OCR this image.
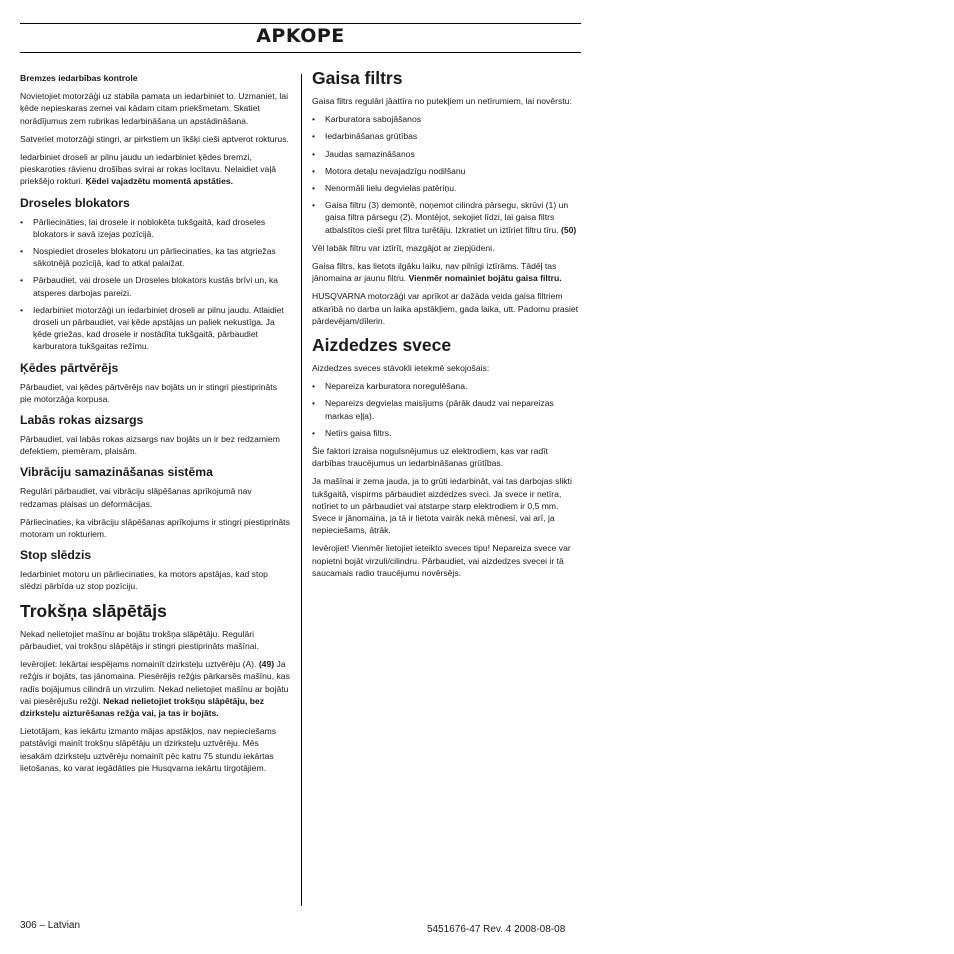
APKOPE
Bremzes iedarbības kontrole

Novietojiet motorzāģi uz stabila pamata un iedarbiniet to. Uzmaniet, lai ķēde nepieskaras zemei vai kādam citam priekšmetam. Skatiet norādījumus zem rubrikas Iedarbināšana un apstādināšana.

Satveriet motorzāģi stingri, ar pirkstiem un īkšķi cieši aptverot rokturus.

Iedarbiniet droseli ar pilnu jaudu un iedarbiniet ķēdes bremzi, pieskaroties rāvienu drošības svirai ar rokas locītavu. Nelaidiet vaļā priekšējo rokturi. Ķēdei vajadzētu momentā apstāties.

Droseles blokators
• Pārliecināties, lai drosele ir noblokēta tukšgaitā, kad droseles blokators ir savā izejas pozīcijā.
• Nospiediet droseles blokatoru un pārliecinaties, ka tas atgriežas sākotnējā pozīcijā, kad to atkal palaižat.
• Pārbaudiet, vai drosele un Droseles blokators kustās brīvi un, ka atsperes darbojas pareizi.
• Iedarbiniet motorzāģi un iedarbiniet droseli ar pilnu jaudu. Atlaidiet droseli un pārbaudiet, vai ķēde apstājas un paliek nekustīga. Ja ķēde griežas, kad drosele ir nostādīta tukšgaitā, pārbaudiet karburatora tukšgaitas režīmu.
Ķēdes pārtvērējs

Pārbaudiet, vai ķēdes pārtvērējs nav bojāts un ir stingri piestiprināts pie motorzāģa korpusa.

Labās rokas aizsargs

Pārbaudiet, vai labās rokas aizsargs nav bojāts un ir bez redzamiem defektiem, piemēram, plaisām.

Vibrāciju samazināšanas sistēma

Regulāri pārbaudiet, vai vibrāciju slāpēšanas aprīkojumā nav redzamas plaisas un deformācijas.

Pārliecinaties, ka vibrāciju slāpēšanas aprīkojums ir stingri piestiprināts motoram un rokturiem.

Stop slēdzis

Iedarbiniet motoru un pārliecinaties, ka motors apstājas, kad stop slēdzi pārbīda uz stop pozīciju.

Trokšņa slāpētājs

Nekad nelietojiet mašīnu ar bojātu trokšņa slāpētāju. Regulāri pārbaudiet, vai trokšņu slāpētājs ir stingri piestiprināts mašīnai.

Ievērojiet: Iekārtai iespējams nomainīt dzirksteļu uztvērēju (A). (49) Ja režģis ir bojāts, tas jānomaina. Piesērējis režģis pārkarsēs mašīnu, kas radīs bojājumus cilindrā un virzulim. Nekad nelietojiet mašīnu ar bojātu vai piesērējušu režģi. Nekad nelietojiet trokšņu slāpētāju, bez dzirksteļu aizturēšanas režģa vai, ja tas ir bojāts.

Lietotājam, kas iekārtu izmanto mājas apstākļos, nav nepieciešams patstāvīgi mainīt trokšņu slāpētāju un dzirksteļu uztvērēju. Mēs iesakām dzirksteļu uztvērēju nomainīt pēc katru 75 stundu iekārtas lietošanas, ko varat iegādāties pie Husqvarna iekārtu tirgotājiem.

Gaisa filtrs

Gaisa filtrs regulāri jāattīra no putekļiem un netīrumiem, lai novērstu:

• Karburatora sabojāšanos
• Iedarbināšanas grūtības
• Jaudas samazināšanos
• Motora detaļu nevajadzīgu nodilšanu
• Nenormāli lielu degvielas patēriņu.
• Gaisa filtru (3) demontē, noņemot cilindra pārsegu, skrūvi (1) un gaisa filtra pārsegu (2). Montējot, sekojiet līdzi, lai gaisa filtrs atbalstītos cieši pret filtra turētāju. Izkratiet un iztīriet filtru tīru. (50)

Vēl labāk filtru var iztīrīt, mazgājot ar ziepjūdeni.

Gaisa filtrs, kas lietots ilgāku laiku, nav pilnīgi iztīrāms. Tādēļ tas jānomaina ar jaunu filtru. Vienmēr nomainiet bojātu gaisa filtru.

HUSQVARNA motorzāģi var aprīkot ar dažāda veida gaisa filtriem atkarībā no darba un laika apstākļiem, gada laika, utt. Padomu prasiet pārdevējam/dīlerin.

Aizdedzes svece

Aizdedzes sveces stāvokli ietekmē sekojošais:

• Nepareiza karburatora noregulēšana.
• Nepareizs degvielas maisījums (pārāk daudz vai nepareizas markas eļļa).
• Netīrs gaisa filtrs.

Šie faktori izraisa nogulsnējumus uz elektrodiem, kas var radīt darbības traucējumus un iedarbināšanas grūtības.

Ja mašīnai ir zema jauda, ja to grūti iedarbināt, vai tas darbojas slikti tukšgaitā, vispirms pārbaudiet aizdedzes sveci. Ja svece ir netīra, notīriet to un pārbaudiet vai atstarpe starp elektrodiem ir 0,5 mm. Svece ir jānomaina, ja tā ir lietota vairāk nekā mēnesi, vai arī, ja nepieciešams, ātrāk.

Ievērojiet! Vienmēr lietojiet ieteikto sveces tipu! Nepareiza svece var nopietni bojāt virzuli/cilindru. Pārbaudiet, vai aizdedzes svecei ir tā saucamais radio traucējumu novērsējs.

306 – Latvian	5451676-47 Rev. 4 2008-08-08
